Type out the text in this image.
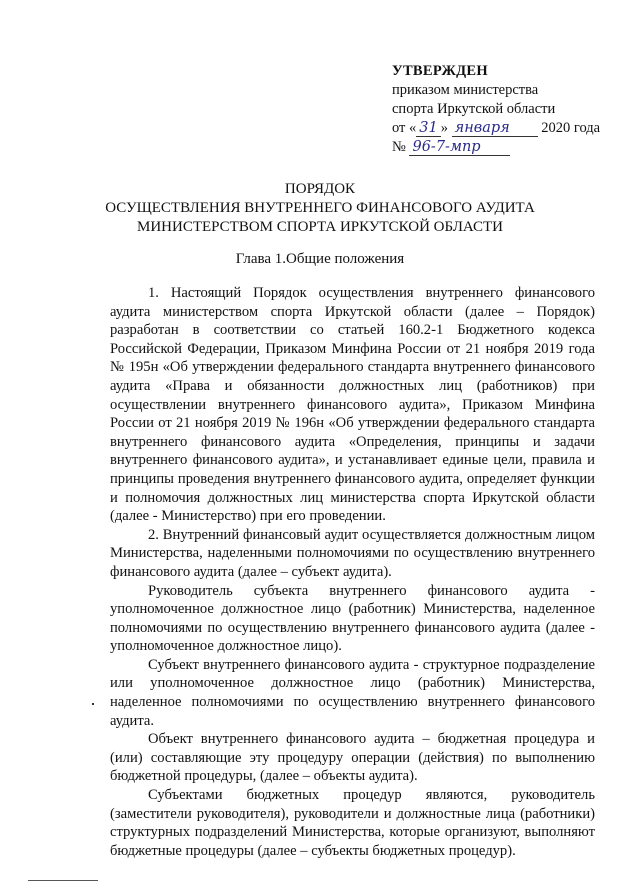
УТВЕРЖДЕН
приказом министерства
спорта Иркутской области
от « 31 » января 2020 года
№ 96-7-мпр
ПОРЯДОК
ОСУЩЕСТВЛЕНИЯ ВНУТРЕННЕГО ФИНАНСОВОГО АУДИТА
МИНИСТЕРСТВОМ СПОРТА ИРКУТСКОЙ ОБЛАСТИ
Глава 1.Общие положения

1. Настоящий Порядок осуществления внутреннего финансового аудита министерством спорта Иркутской области (далее – Порядок) разработан в соответствии со статьей 160.2-1 Бюджетного кодекса Российской Федерации, Приказом Минфина России от 21 ноября 2019 года № 195н «Об утверждении федерального стандарта внутреннего финансового аудита «Права и обязанности должностных лиц (работников) при осуществлении внутреннего финансового аудита», Приказом Минфина России от 21 ноября 2019 № 196н «Об утверждении федерального стандарта внутреннего финансового аудита «Определения, принципы и задачи внутреннего финансового аудита», и устанавливает единые цели, правила и принципы проведения внутреннего финансового аудита, определяет функции и полномочия должностных лиц министерства спорта Иркутской области (далее - Министерство) при его проведении.

2. Внутренний финансовый аудит осуществляется должностным лицом Министерства, наделенными полномочиями по осуществлению внутреннего финансового аудита (далее – субъект аудита).

Руководитель субъекта внутреннего финансового аудита - уполномоченное должностное лицо (работник) Министерства, наделенное полномочиями по осуществлению внутреннего финансового аудита (далее - уполномоченное должностное лицо).

Субъект внутреннего финансового аудита - структурное подразделение или уполномоченное должностное лицо (работник) Министерства, наделенное полномочиями по осуществлению внутреннего финансового аудита.

Объект внутреннего финансового аудита – бюджетная процедура и (или) составляющие эту процедуру операции (действия) по выполнению бюджетной процедуры, (далее – объекты аудита).

Субъектами бюджетных процедур являются, руководитель (заместители руководителя), руководители и должностные лица (работники) структурных подразделений Министерства, которые организуют, выполняют бюджетные процедуры (далее – субъекты бюджетных процедур).
